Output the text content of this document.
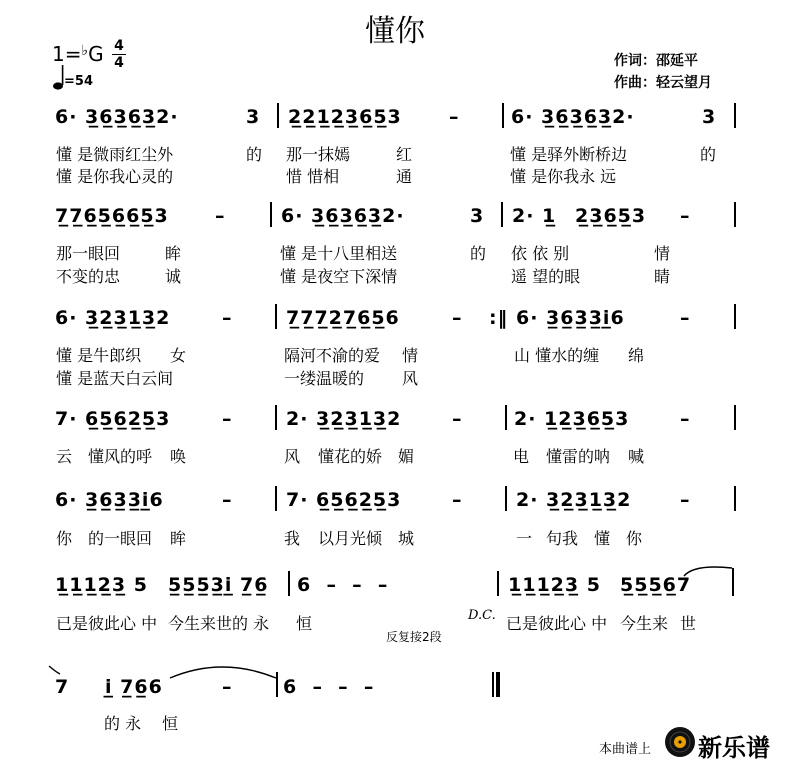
懂你
1=♭G 4
4
=54
作词：邵延平
作曲：轻云望月
6· 3̲6̲3̲6̲3̲2·	3 2̲2̲1̲2̲3̲6̲5̲3 –	6· 3̲6̲3̲6̲3̲2·	3
懂 是微雨红尘外	的 那一抹嫣	红	懂 是驿外断桥边	的
懂 是你我心灵的	惜 惜相	通	懂 是你我永 远
7̲7̲6̲5̲6̲6̲5̲3 –	6· 3̲6̲3̲6̲3̲2·	3 2· 1̲ 2̲3̲6̲5̲3 –
那一眼回	眸	懂 是十八里相送	的 依 依 别	情
不变的忠	诚	懂 是夜空下深情	遥 望的眼	睛
6· 3̲2̲3̲1̲3̲2	–	7̲7̲7̲2̲7̲6̲5̲6	– :‖ 6· 3̲6̲3̲3̲i̲6	–
懂 是牛郎织 女	隔河不渝的爱 情	山 懂水的缠 绵
懂 是蓝天白云间	一缕温暖的 风
7· 6̲5̲6̲2̲5̲3	–	2· 3̲2̲3̲1̲3̲2	–	2· 1̲2̲3̲6̲5̲3	–
云 懂风的呼 唤	风 懂花的娇 媚	电 懂雷的呐 喊
6· 3̲6̲3̲3̲i̲6	–	7· 6̲5̲6̲2̲5̲3	–	2· 3̲2̲3̲1̲3̲2	–
你 的一眼回 眸	我 以月光倾 城	一 句我 懂 你
1̲1̲1̲2̲3̲ 5 5̲5̲5̲3̲i̲ 7̲6̲ 6  –  –  –	1̲1̲1̲2̲3̲ 5 5̲5̲5̲6̲7
已是彼此心 中 今生来世的 永 恒	已是彼此心 中 今生来 世
D.C.
反复接2段
7 i̲ 7̲6̲6	–	6  –  –  –
的 永 恒
本曲谱上 新乐谱
